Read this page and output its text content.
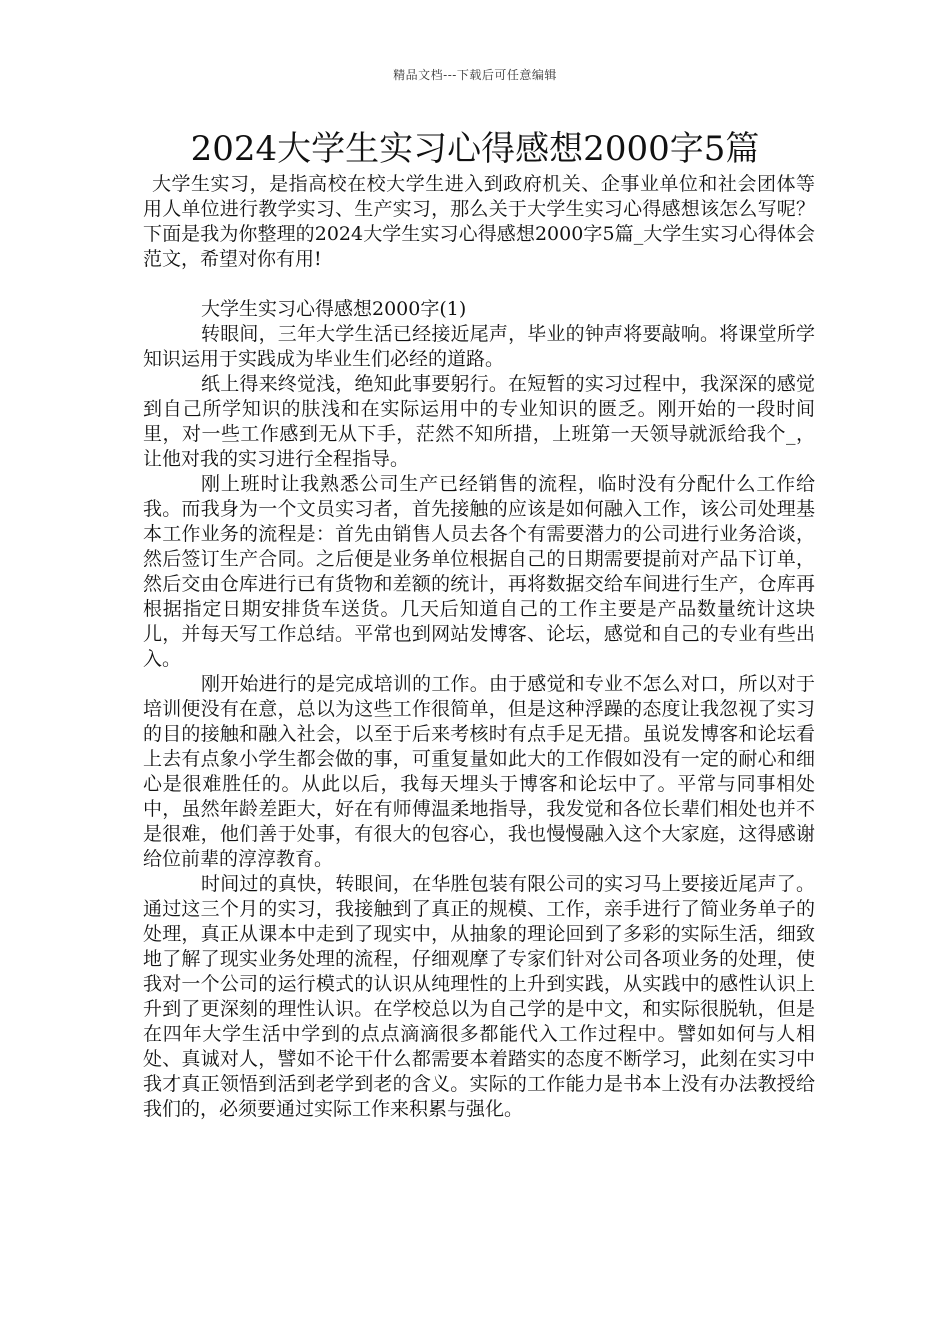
精品文档---下载后可任意编辑
2024大学生实习心得感想2000字5篇

大学生实习，是指高校在校大学生进入到政府机关、企事业单位和社会团体等用人单位进行教学实习、生产实习，那么关于大学生实习心得感想该怎么写呢？下面是我为你整理的2024大学生实习心得感想2000字5篇_大学生实习心得体会范文，希望对你有用!

大学生实习心得感想2000字(1)

转眼间，三年大学生活已经接近尾声，毕业的钟声将要敲响。将课堂所学知识运用于实践成为毕业生们必经的道路。

纸上得来终觉浅，绝知此事要躬行。在短暂的实习过程中，我深深的感觉到自己所学知识的肤浅和在实际运用中的专业知识的匮乏。刚开始的一段时间里，对一些工作感到无从下手，茫然不知所措，上班第一天领导就派给我个_，让他对我的实习进行全程指导。

刚上班时让我熟悉公司生产已经销售的流程，临时没有分配什么工作给我。而我身为一个文员实习者，首先接触的应该是如何融入工作，该公司处理基本工作业务的流程是：首先由销售人员去各个有需要潜力的公司进行业务洽谈，然后签订生产合同。之后便是业务单位根据自己的日期需要提前对产品下订单，然后交由仓库进行已有货物和差额的统计，再将数据交给车间进行生产，仓库再根据指定日期安排货车送货。几天后知道自己的工作主要是产品数量统计这块儿，并每天写工作总结。平常也到网站发博客、论坛，感觉和自己的专业有些出入。

刚开始进行的是完成培训的工作。由于感觉和专业不怎么对口，所以对于培训便没有在意，总以为这些工作很简单，但是这种浮躁的态度让我忽视了实习的目的接触和融入社会，以至于后来考核时有点手足无措。虽说发博客和论坛看上去有点象小学生都会做的事，可重复量如此大的工作假如没有一定的耐心和细心是很难胜任的。从此以后，我每天埋头于博客和论坛中了。平常与同事相处中，虽然年龄差距大，好在有师傅温柔地指导，我发觉和各位长辈们相处也并不是很难，他们善于处事，有很大的包容心，我也慢慢融入这个大家庭，这得感谢给位前辈的淳淳教育。

时间过的真快，转眼间，在华胜包装有限公司的实习马上要接近尾声了。通过这三个月的实习，我接触到了真正的规模、工作，亲手进行了简业务单子的处理，真正从课本中走到了现实中，从抽象的理论回到了多彩的实际生活，细致地了解了现实业务处理的流程，仔细观摩了专家们针对公司各项业务的处理，使我对一个公司的运行模式的认识从纯理性的上升到实践，从实践中的感性认识上升到了更深刻的理性认识。在学校总以为自己学的是中文，和实际很脱轨，但是在四年大学生活中学到的点点滴滴很多都能代入工作过程中。譬如如何与人相处、真诚对人，譬如不论干什么都需要本着踏实的态度不断学习，此刻在实习中我才真正领悟到活到老学到老的含义。实际的工作能力是书本上没有办法教授给我们的，必须要通过实际工作来积累与强化。
